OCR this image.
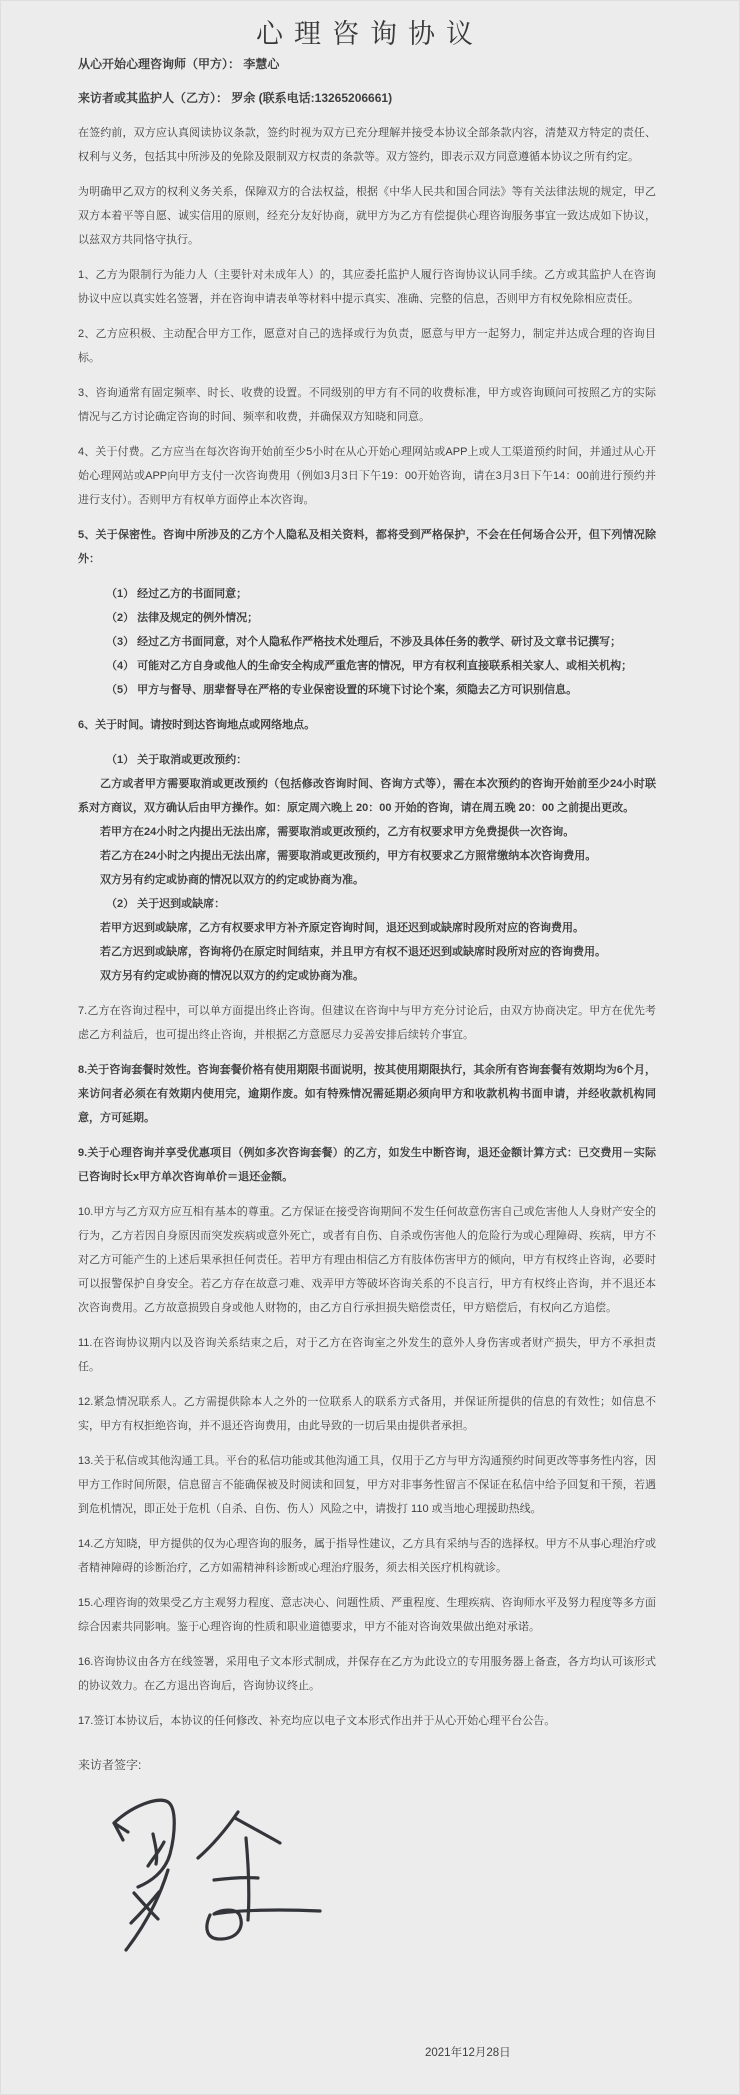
心理咨询协议

从心开始心理咨询师（甲方）： 李慧心

来访者或其监护人（乙方）： 罗余 (联系电话:13265206661)

在签约前，双方应认真阅读协议条款，签约时视为双方已充分理解并接受本协议全部条款内容，清楚双方特定的责任、权利与义务，包括其中所涉及的免除及限制双方权责的条款等。双方签约，即表示双方同意遵循本协议之所有约定。

为明确甲乙双方的权利义务关系，保障双方的合法权益，根据《中华人民共和国合同法》等有关法律法规的规定，甲乙双方本着平等自愿、诚实信用的原则，经充分友好协商，就甲方为乙方有偿提供心理咨询服务事宜一致达成如下协议，以兹双方共同恪守执行。

1、乙方为限制行为能力人（主要针对未成年人）的，其应委托监护人履行咨询协议认同手续。乙方或其监护人在咨询协议中应以真实姓名签署，并在咨询申请表单等材料中提示真实、准确、完整的信息，否则甲方有权免除相应责任。

2、乙方应积极、主动配合甲方工作，愿意对自己的选择或行为负责，愿意与甲方一起努力，制定并达成合理的咨询目标。

3、咨询通常有固定频率、时长、收费的设置。不同级别的甲方有不同的收费标准，甲方或咨询顾问可按照乙方的实际情况与乙方讨论确定咨询的时间、频率和收费，并确保双方知晓和同意。

4、关于付费。乙方应当在每次咨询开始前至少5小时在从心开始心理网站或APP上或人工渠道预约时间，并通过从心开始心理网站或APP向甲方支付一次咨询费用（例如3月3日下午19：00开始咨询，请在3月3日下午14：00前进行预约并进行支付）。否则甲方有权单方面停止本次咨询。

5、关于保密性。咨询中所涉及的乙方个人隐私及相关资料，都将受到严格保护，不会在任何场合公开，但下列情况除外：

（1） 经过乙方的书面同意；

（2） 法律及规定的例外情况；

（3） 经过乙方书面同意，对个人隐私作严格技术处理后，不涉及具体任务的教学、研讨及文章书记撰写；

（4） 可能对乙方自身或他人的生命安全构成严重危害的情况，甲方有权利直接联系相关家人、或相关机构；

（5） 甲方与督导、朋辈督导在严格的专业保密设置的环境下讨论个案，须隐去乙方可识别信息。

6、关于时间。请按时到达咨询地点或网络地点。

（1） 关于取消或更改预约：

乙方或者甲方需要取消或更改预约（包括修改咨询时间、咨询方式等），需在本次预约的咨询开始前至少24小时联系对方商议，双方确认后由甲方操作。如：原定周六晚上 20：00 开始的咨询，请在周五晚 20：00 之前提出更改。

若甲方在24小时之内提出无法出席，需要取消或更改预约，乙方有权要求甲方免费提供一次咨询。

若乙方在24小时之内提出无法出席，需要取消或更改预约，甲方有权要求乙方照常缴纳本次咨询费用。

双方另有约定或协商的情况以双方的约定或协商为准。

（2） 关于迟到或缺席：

若甲方迟到或缺席，乙方有权要求甲方补齐原定咨询时间，退还迟到或缺席时段所对应的咨询费用。

若乙方迟到或缺席，咨询将仍在原定时间结束，并且甲方有权不退还迟到或缺席时段所对应的咨询费用。

双方另有约定或协商的情况以双方的约定或协商为准。

7.乙方在咨询过程中，可以单方面提出终止咨询。但建议在咨询中与甲方充分讨论后，由双方协商决定。甲方在优先考虑乙方利益后，也可提出终止咨询，并根据乙方意愿尽力妥善安排后续转介事宜。

8.关于咨询套餐时效性。咨询套餐价格有使用期限书面说明，按其使用期限执行，其余所有咨询套餐有效期均为6个月，来访问者必须在有效期内使用完，逾期作废。如有特殊情况需延期必须向甲方和收款机构书面申请，并经收款机构同意，方可延期。

9.关于心理咨询并享受优惠项目（例如多次咨询套餐）的乙方，如发生中断咨询，退还金额计算方式：已交费用－实际已咨询时长x甲方单次咨询单价＝退还金额。

10.甲方与乙方双方应互相有基本的尊重。乙方保证在接受咨询期间不发生任何故意伤害自己或危害他人人身财产安全的行为，乙方若因自身原因而突发疾病或意外死亡，或者有自伤、自杀或伤害他人的危险行为或心理障碍、疾病，甲方不对乙方可能产生的上述后果承担任何责任。若甲方有理由相信乙方有肢体伤害甲方的倾向，甲方有权终止咨询，必要时可以报警保护自身安全。若乙方存在故意刁难、戏弄甲方等破坏咨询关系的不良言行，甲方有权终止咨询，并不退还本次咨询费用。乙方故意损毁自身或他人财物的，由乙方自行承担损失赔偿责任，甲方赔偿后，有权向乙方追偿。

11.在咨询协议期内以及咨询关系结束之后，对于乙方在咨询室之外发生的意外人身伤害或者财产损失，甲方不承担责任。

12.紧急情况联系人。乙方需提供除本人之外的一位联系人的联系方式备用，并保证所提供的信息的有效性；如信息不实，甲方有权拒绝咨询，并不退还咨询费用，由此导致的一切后果由提供者承担。

13.关于私信或其他沟通工具。平台的私信功能或其他沟通工具，仅用于乙方与甲方沟通预约时间更改等事务性内容，因甲方工作时间所限，信息留言不能确保被及时阅读和回复，甲方对非事务性留言不保证在私信中给予回复和干预，若遇到危机情况，即正处于危机（自杀、自伤、伤人）风险之中，请拨打 110 或当地心理援助热线。

14.乙方知晓，甲方提供的仅为心理咨询的服务，属于指导性建议，乙方具有采纳与否的选择权。甲方不从事心理治疗或者精神障碍的诊断治疗，乙方如需精神科诊断或心理治疗服务，须去相关医疗机构就诊。

15.心理咨询的效果受乙方主观努力程度、意志决心、问题性质、严重程度、生理疾病、咨询师水平及努力程度等多方面综合因素共同影响。鉴于心理咨询的性质和职业道德要求，甲方不能对咨询效果做出绝对承诺。

16.咨询协议由各方在线签署，采用电子文本形式制成，并保存在乙方为此设立的专用服务器上备查，各方均认可该形式的协议效力。在乙方退出咨询后，咨询协议终止。

17.签订本协议后，本协议的任何修改、补充均应以电子文本形式作出并于从心开始心理平台公告。

来访者签字:
2021年12月28日
